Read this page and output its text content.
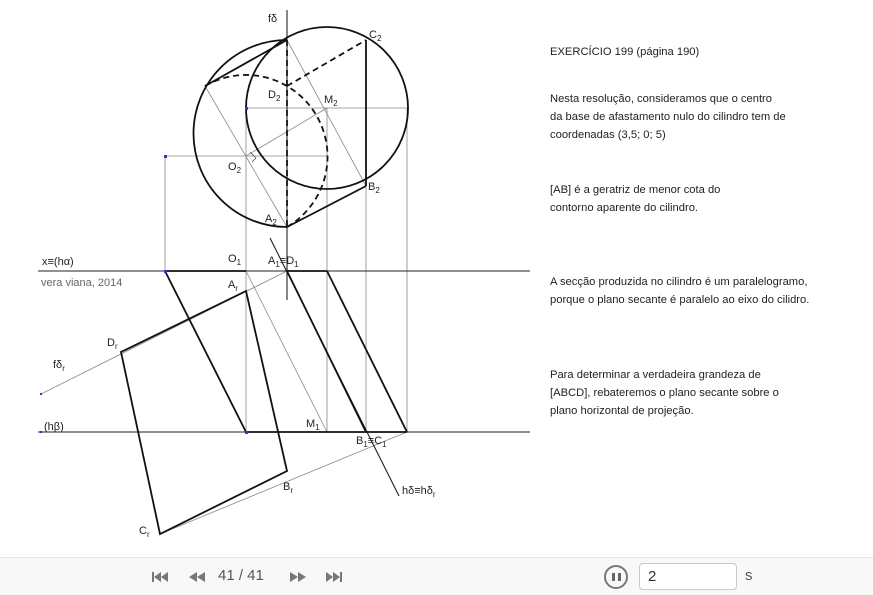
fδ
$C_2$
$D_2$	$M_2$
$O_2$
$B_2$
$A_2$
x≡(hα)	$O_1$ $A_1\equiv D_1$
$A_r$
$D_r$
$f\delta_r$
(hβ)	$M_1$
$B_1\equiv C_1$
$B_r$
$C_r$
$h\delta\equiv h\delta_r$
vera viana, 2014
EXERCÍCIO 199 (página 190)
Nesta resolução, consideramos que o centro
da base de afastamento nulo do cilindro tem de
coordenadas (3,5; 0; 5)
[AB] é a geratriz de menor cota do
contorno aparente do cilindro.
A secção produzida no cilindro é um paralelogramo,
porque o plano secante é paralelo ao eixo do cilidro.
Para determinar a verdadeira grandeza de
[ABCD], rebateremos o plano secante sobre o
plano horizontal de projeção.
41 / 41
2	s
